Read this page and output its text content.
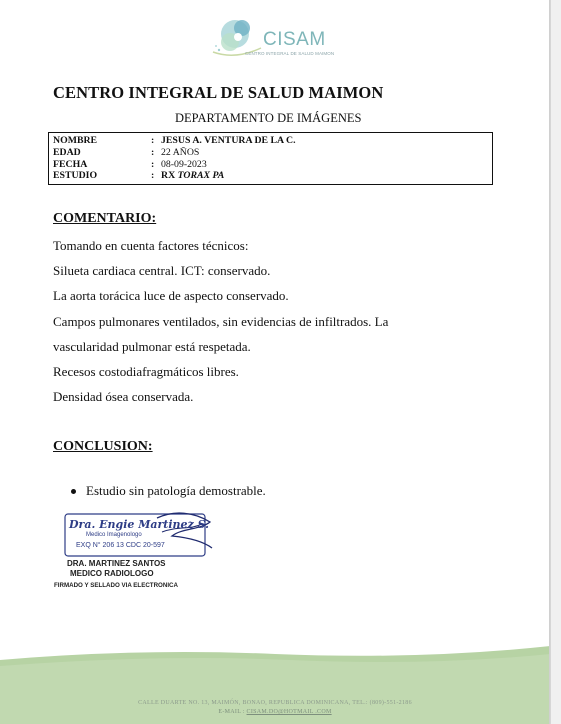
CISAM
CENTRO INTEGRAL DE SALUD MAIMON
CENTRO INTEGRAL DE SALUD MAIMON
DEPARTAMENTO DE IMÁGENES
NOMBRE	: JESUS A. VENTURA DE LA C.
EDAD	: 22 AÑOS
FECHA	: 08-09-2023
ESTUDIO	: RX TORAX PA
COMENTARIO:
Tomando en cuenta factores técnicos:
Silueta cardiaca central. ICT: conservado.
La aorta torácica luce de aspecto conservado.
Campos pulmonares ventilados, sin evidencias de infiltrados. La
vascularidad pulmonar está respetada.
Recesos costodiafragmáticos libres.
Densidad ósea conservada.
CONCLUSION:
Estudio sin patología demostrable.
Dra. Engie Martinez S.
Medico Imagenologo
EXQ N° 206 13 CDC 20-597
DRA. MARTINEZ SANTOS
MEDICO RADIOLOGO
FIRMADO Y SELLADO VIA ELECTRONICA
CALLE DUARTE NO. 13, MAIMÓN, BONAO, REPUBLICA DOMINICANA, TEL.: (809)-551-2186
E-MAIL : CISAM.DO@HOTMAIL .COM
